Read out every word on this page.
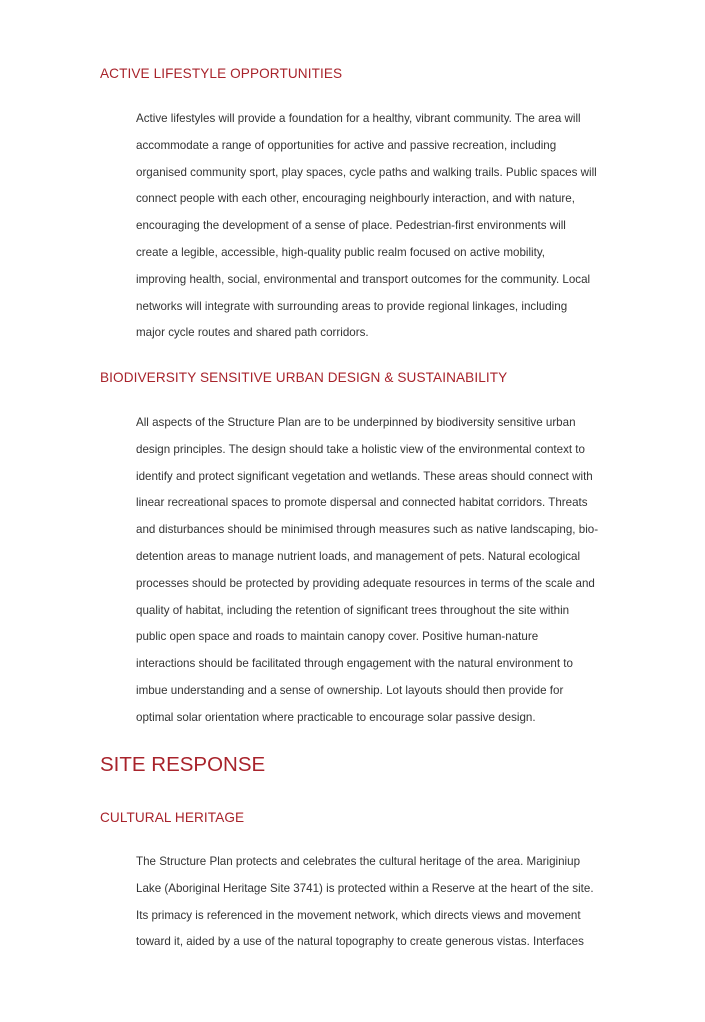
ACTIVE LIFESTYLE OPPORTUNITIES
Active lifestyles will provide a foundation for a healthy, vibrant community. The area will
accommodate a range of opportunities for active and passive recreation, including
organised community sport, play spaces, cycle paths and walking trails. Public spaces will
connect people with each other, encouraging neighbourly interaction, and with nature,
encouraging the development of a sense of place. Pedestrian-first environments will
create a legible, accessible, high-quality public realm focused on active mobility,
improving health, social, environmental and transport outcomes for the community. Local
networks will integrate with surrounding areas to provide regional linkages, including
major cycle routes and shared path corridors.
BIODIVERSITY SENSITIVE URBAN DESIGN & SUSTAINABILITY
All aspects of the Structure Plan are to be underpinned by biodiversity sensitive urban
design principles. The design should take a holistic view of the environmental context to
identify and protect significant vegetation and wetlands. These areas should connect with
linear recreational spaces to promote dispersal and connected habitat corridors. Threats
and disturbances should be minimised through measures such as native landscaping, bio-
detention areas to manage nutrient loads, and management of pets. Natural ecological
processes should be protected by providing adequate resources in terms of the scale and
quality of habitat, including the retention of significant trees throughout the site within
public open space and roads to maintain canopy cover. Positive human-nature
interactions should be facilitated through engagement with the natural environment to
imbue understanding and a sense of ownership. Lot layouts should then provide for
optimal solar orientation where practicable to encourage solar passive design.
SITE RESPONSE
CULTURAL HERITAGE
The Structure Plan protects and celebrates the cultural heritage of the area. Mariginiup
Lake (Aboriginal Heritage Site 3741) is protected within a Reserve at the heart of the site.
Its primacy is referenced in the movement network, which directs views and movement
toward it, aided by a use of the natural topography to create generous vistas. Interfaces
